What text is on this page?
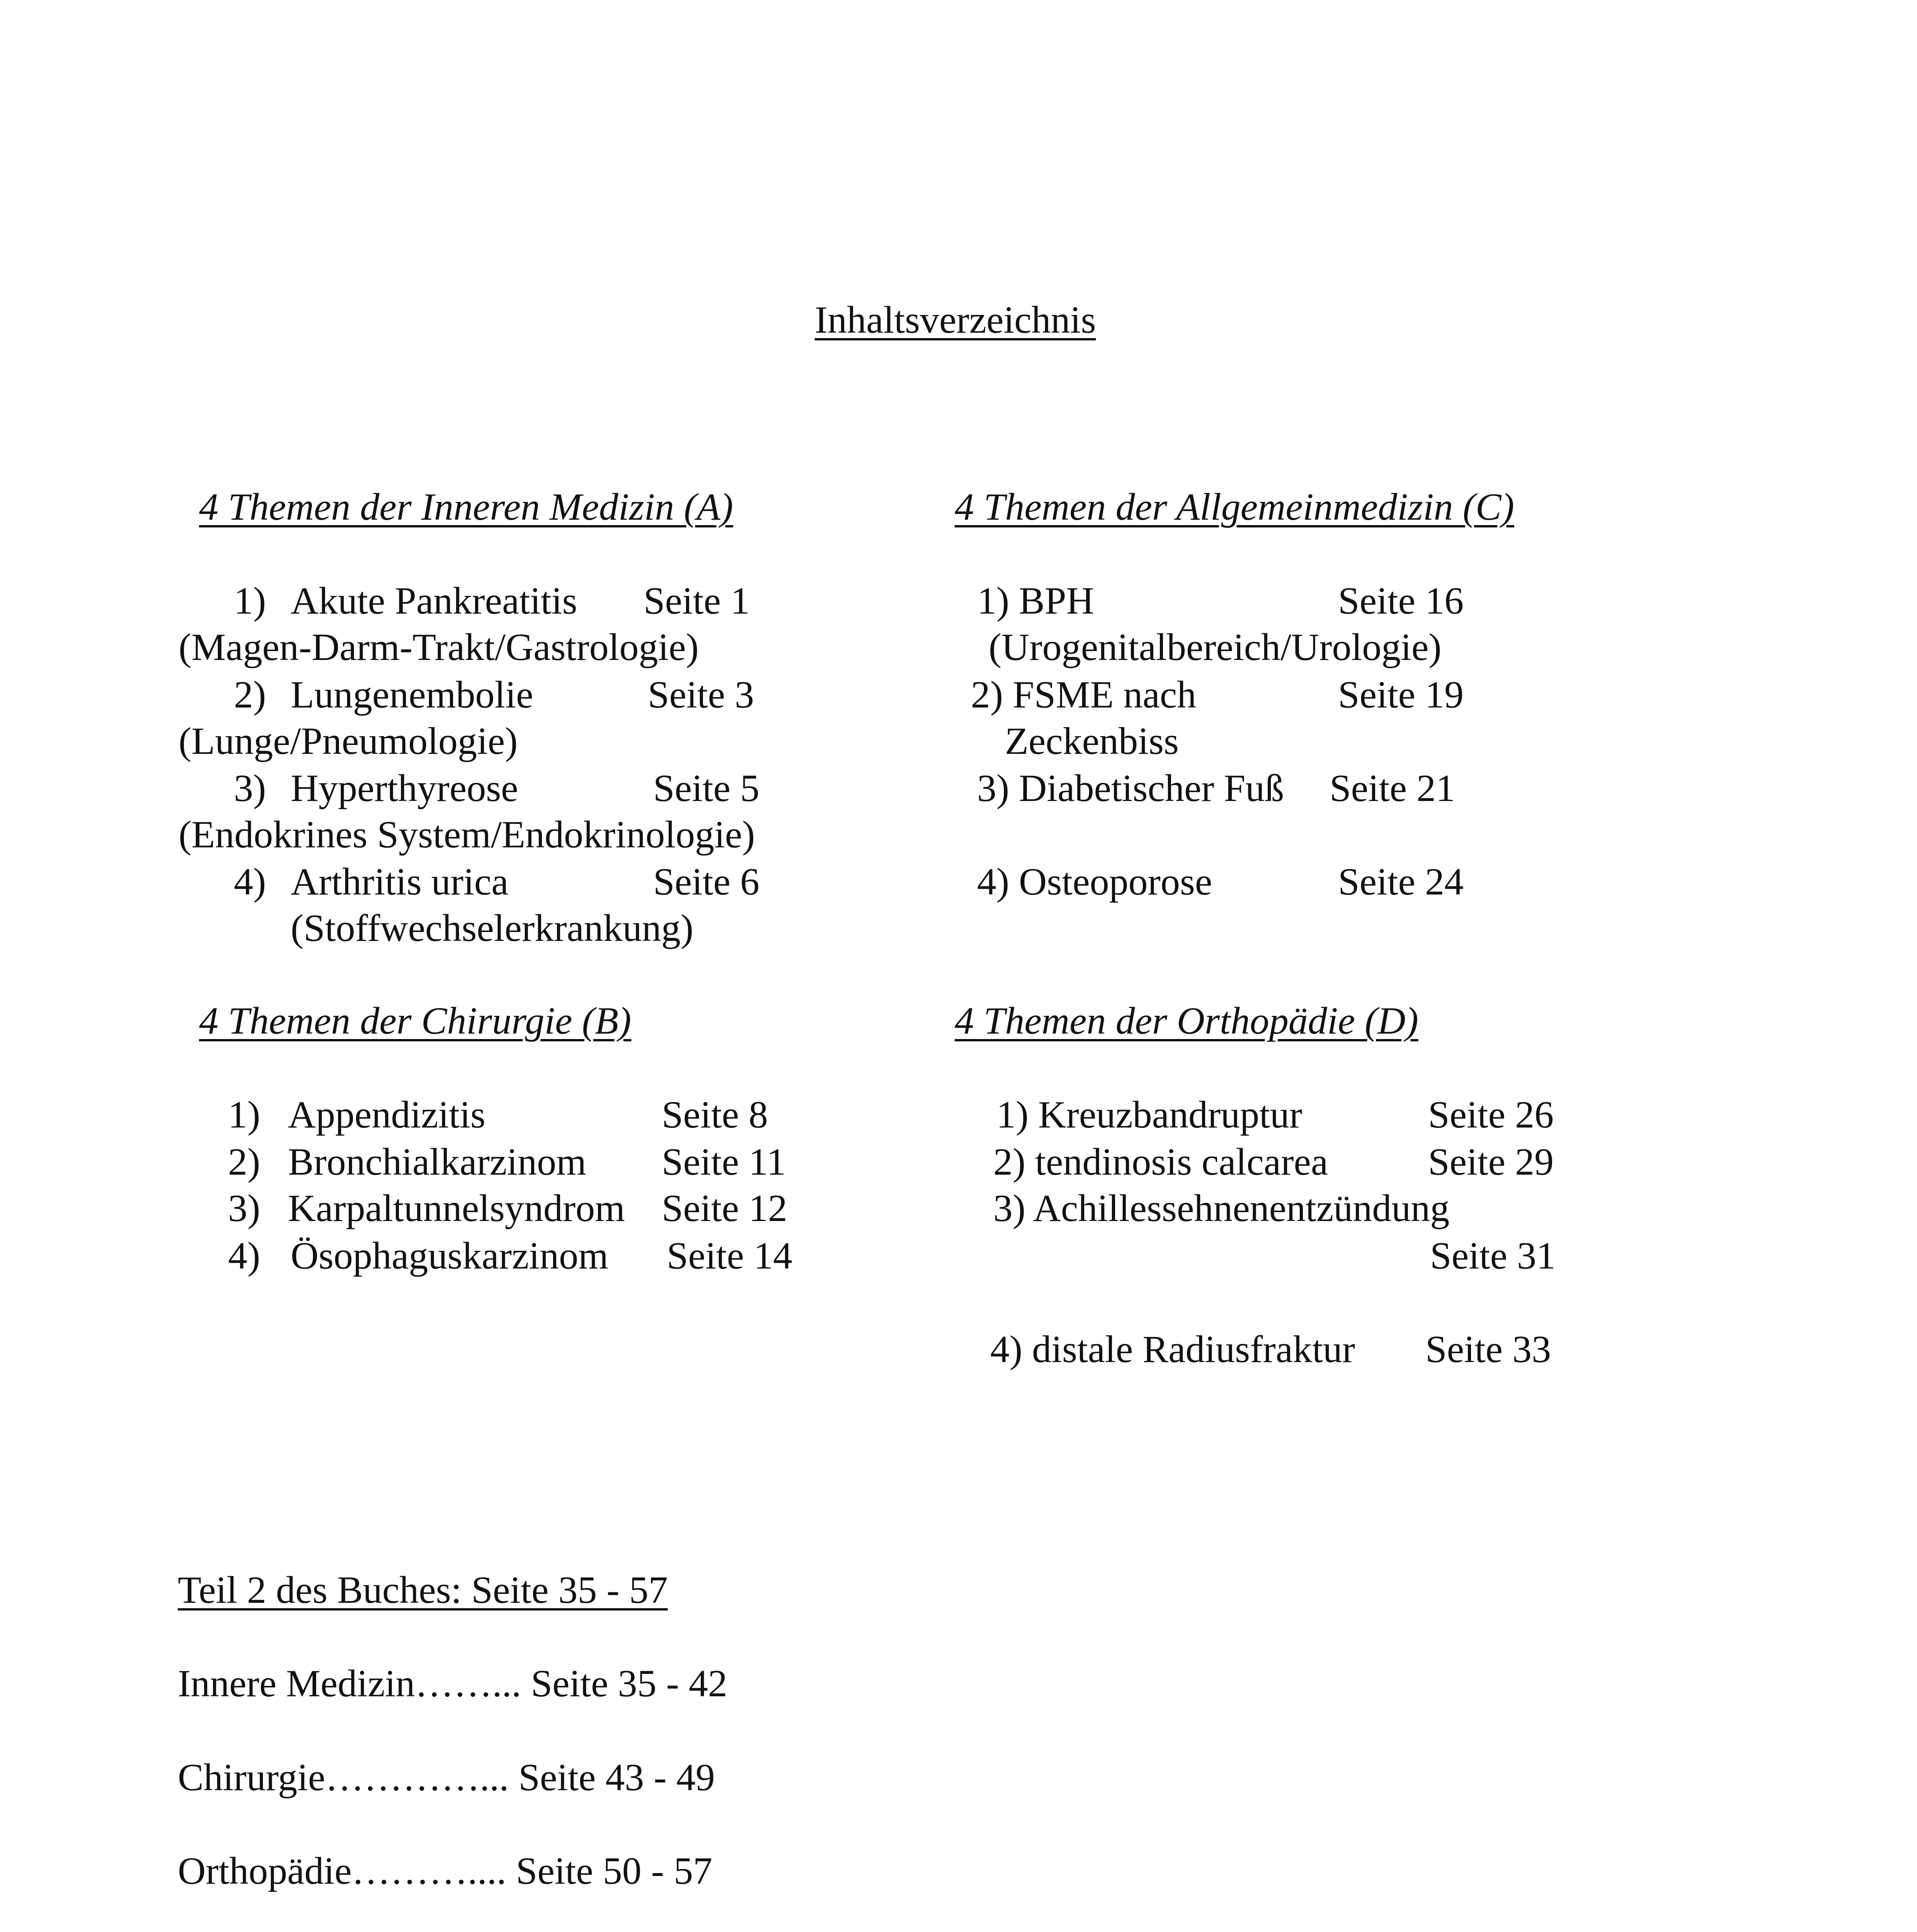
Inhaltsverzeichnis
4 Themen der Inneren Medizin (A)
1) Akute Pankreatitis Seite 1
(Magen-Darm-Trakt/Gastrologie)
2) Lungenembolie	Seite 3
(Lunge/Pneumologie)
3) Hyperthyreose	Seite 5
(Endokrines System/Endokrinologie)
4) Arthritis urica	Seite 6
(Stoffwechselerkrankung)
4 Themen der Chirurgie (B)
1) Appendizitis	Seite 8
2) Bronchialkarzinom Seite 11
3) Karpaltunnelsyndrom Seite 12
4) Ösophaguskarzinom Seite 14
4 Themen der Allgemeinmedizin (C)
1) BPH	Seite 16
(Urogenitalbereich/Urologie)
2) FSME nach	Seite 19
Zeckenbiss
3) Diabetischer Fuß Seite 21
4) Osteoporose	Seite 24
4 Themen der Orthopädie (D)
1) Kreuzbandruptur	Seite 26
2) tendinosis calcarea	Seite 29
3) Achillessehnenentzündung
Seite 31
4) distale Radiusfraktur Seite 33
Teil 2 des Buches: Seite 35 - 57
Innere Medizin……... Seite 35 - 42
Chirurgie…………... Seite 43 - 49
Orthopädie……….... Seite 50 - 57
